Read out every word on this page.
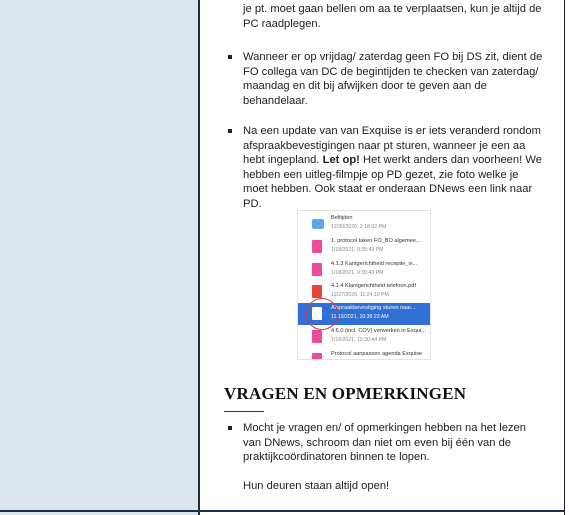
je pt. moet gaan bellen om aa te verplaatsen, kun je altijd de
PC raadplegen.
Wanneer er op vrijdag/ zaterdag geen FO bij DS zit, dient de
FO collega van DC de begintijden te checken van zaterdag/
maandag en dit bij afwijken door te geven aan de
behandelaar.
Na een update van van Exquise is er iets veranderd rondom
afspraakbevestigingen naar pt sturen, wanneer je een aa
hebt ingepland. Let op! Het werkt anders dan voorheen! We
hebben een uitleg-filmpje op PD gezet, zie foto welke je
moet hebben. Ook staat er onderaan DNews een link naar
PD.
Beltijden
12/30/2020, 2:18:02 PM
1. protocol taken FO_BO algemee...
1/18/2021, 9:35:43 PM
4.1.3 Kantgerichtheid receptie_vi...
1/18/2021, 9:35:43 PM
4.1.4 Klantgerichtheid telefoon.pdf
12/27/2020, 11:24:10 PM
Afspraakbevestiging sturen naar...
11/19/2021, 10:35:23 AM
4.6.0 (incl. COV) verwerken in Exqui...
1/18/2021, 10:30:44 PM
Protocol aanpassen agenda Exquise
VRAGEN EN OPMERKINGEN
Mocht je vragen en/ of opmerkingen hebben na het lezen
van DNews, schroom dan niet om even bij één van de
praktijkcoördinatoren binnen te lopen.
Hun deuren staan altijd open!
